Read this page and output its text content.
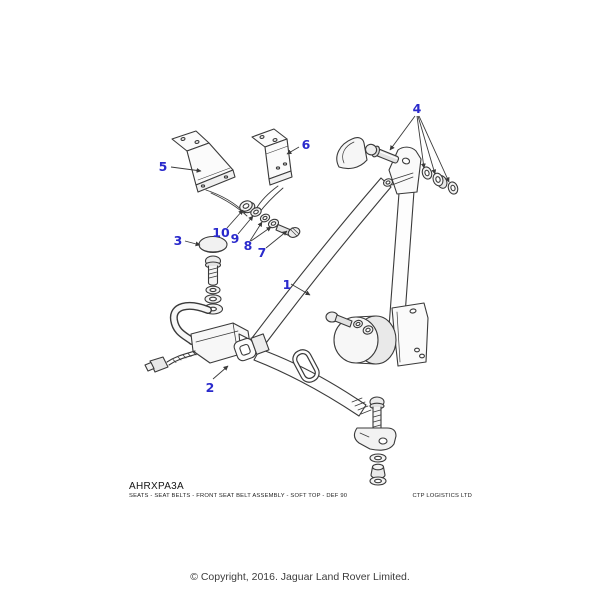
1
2
3
4
5
6
7
8
9
10
AHRXPA3A
SEATS - SEAT BELTS - FRONT SEAT BELT ASSEMBLY - SOFT TOP - DEF 90	CTP LOGISTICS LTD
© Copyright, 2016. Jaguar Land Rover Limited.
